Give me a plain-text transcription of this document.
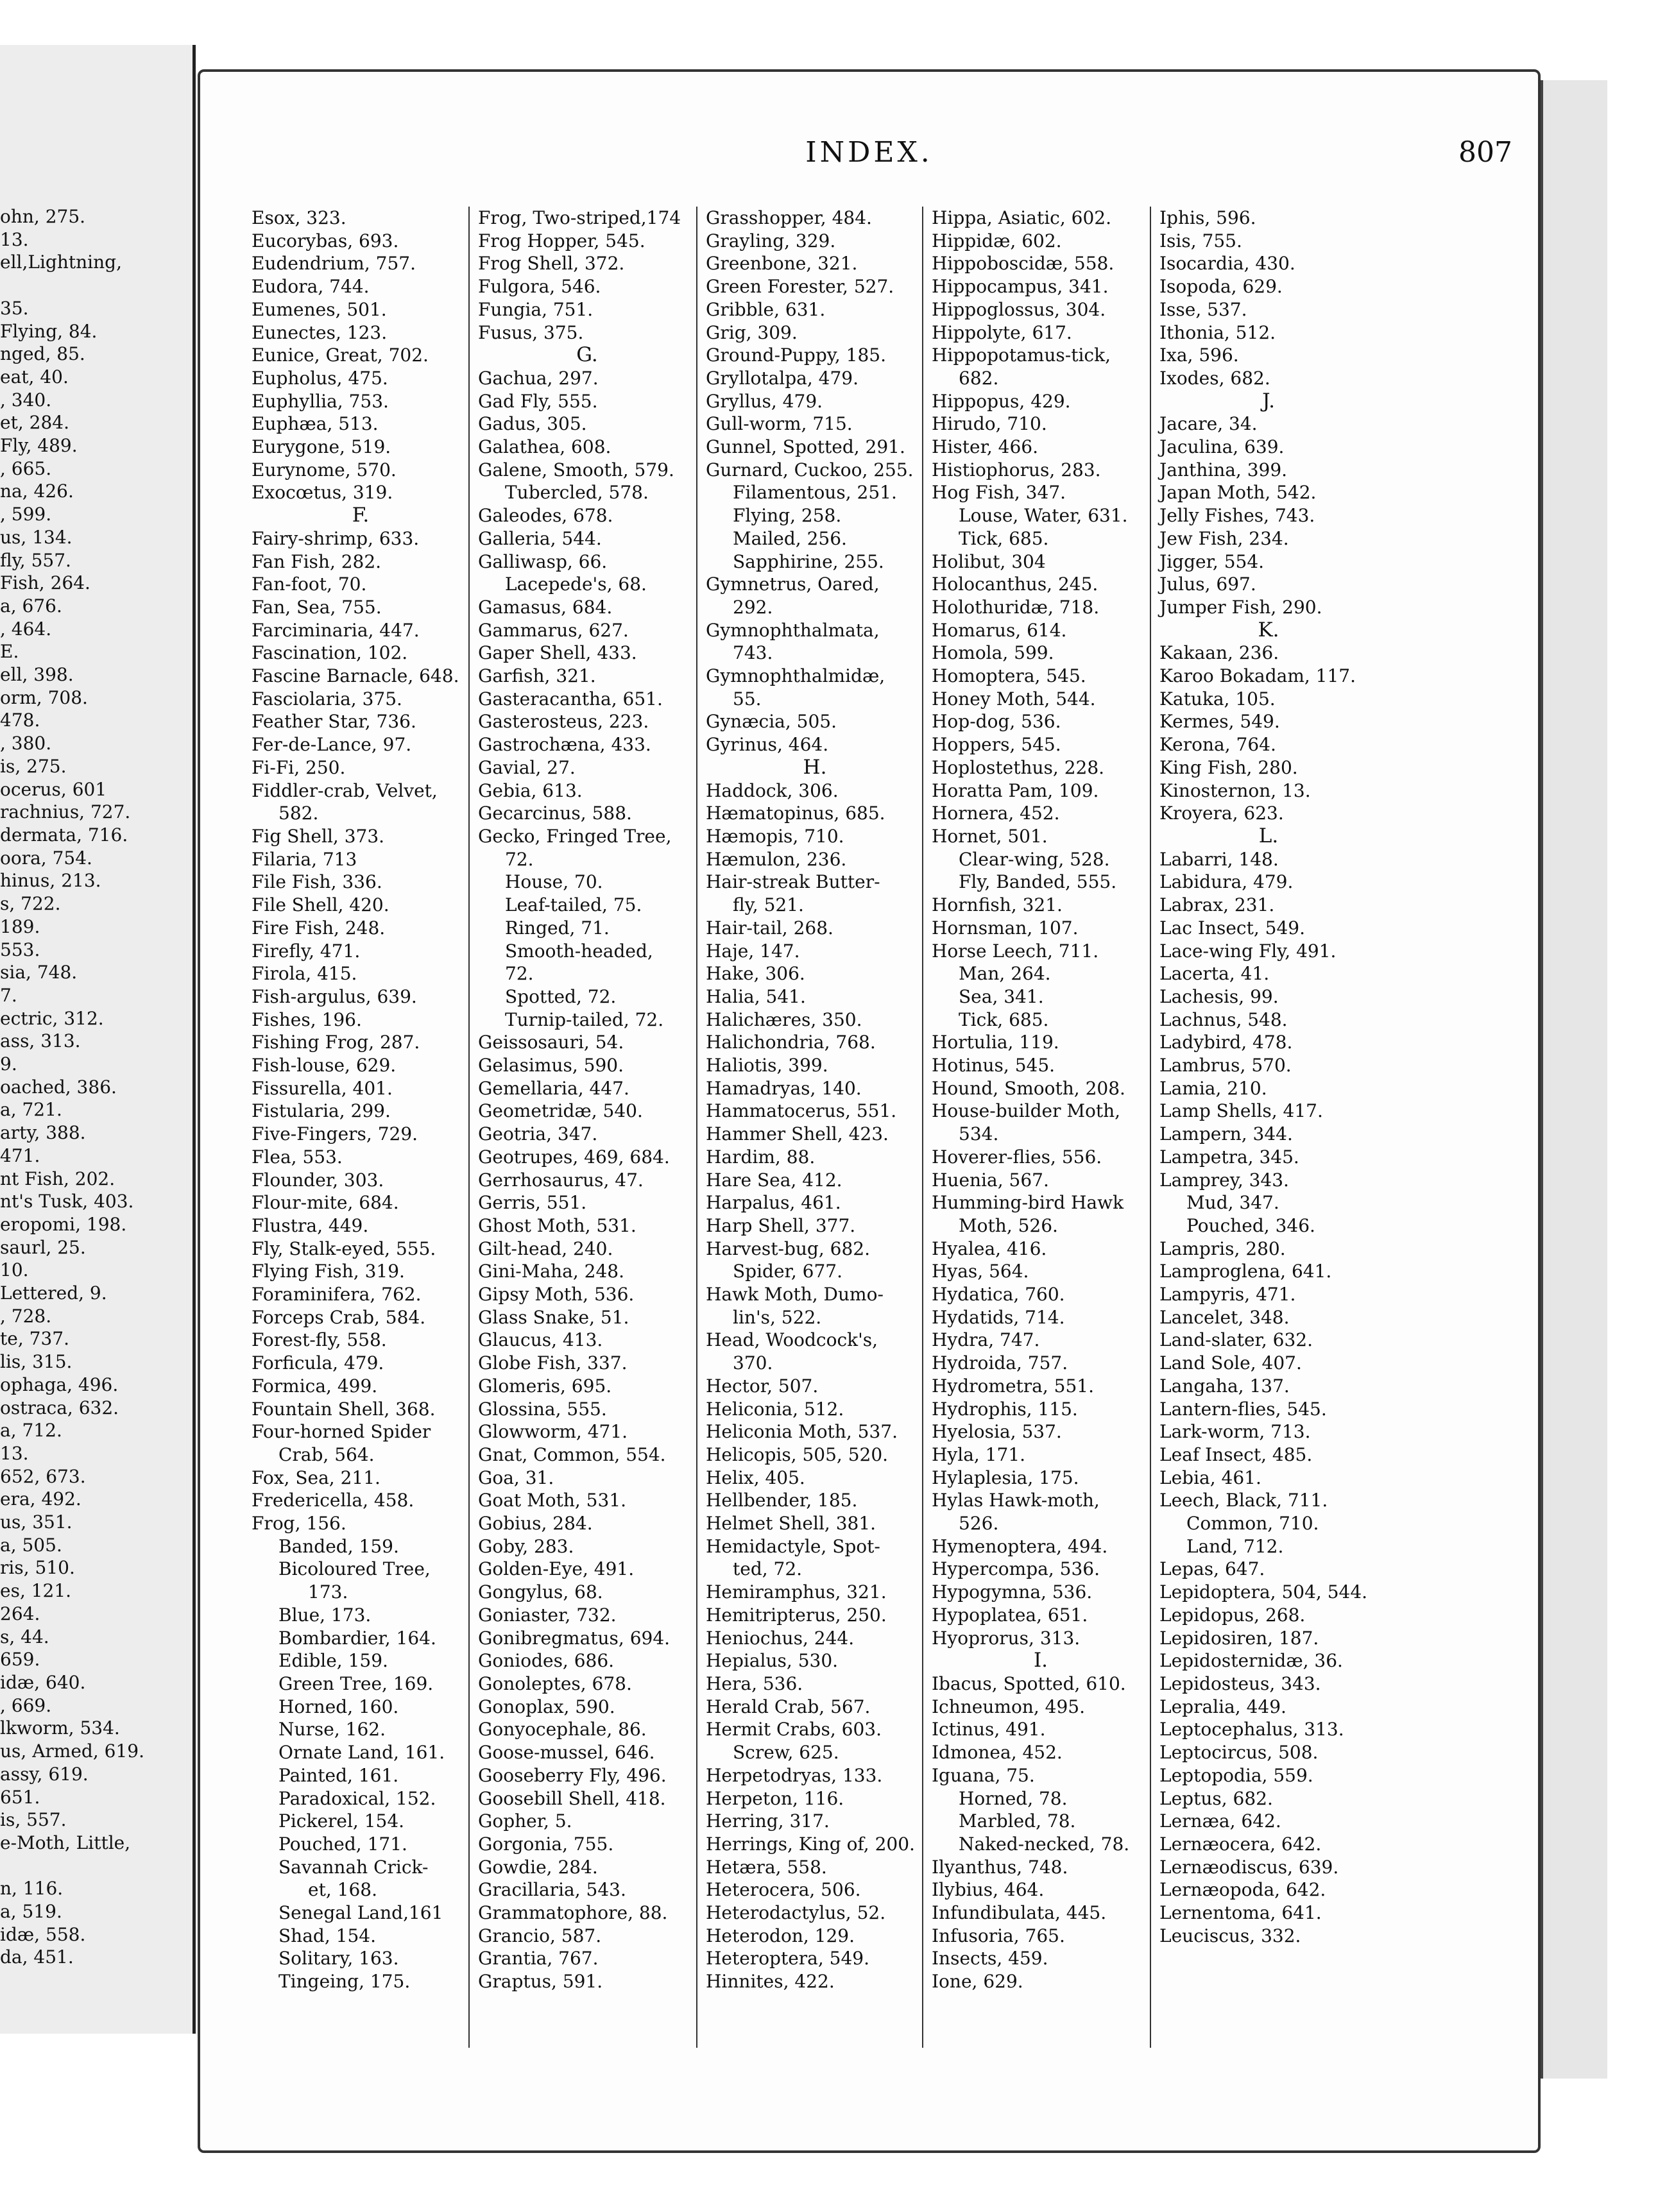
ohn, 275.
13.
ell,Lightning,

35.
Flying, 84.
nged, 85.
eat, 40.
, 340.
et, 284.
Fly, 489.
, 665.
na, 426.
, 599.
us, 134.
fly, 557.
Fish, 264.
a, 676.
, 464.
E.
ell, 398.
orm, 708.
478.
, 380.
is, 275.
ocerus, 601
rachnius, 727.
dermata, 716.
oora, 754.
hinus, 213.
s, 722.
189.
553.
sia, 748.
7.
ectric, 312.
ass, 313.
9.
oached, 386.
a, 721.
arty, 388.
471.
nt Fish, 202.
nt's Tusk, 403.
eropomi, 198.
saurl, 25.
10.
Lettered, 9.
, 728.
te, 737.
lis, 315.
ophaga, 496.
ostraca, 632.
a, 712.
13.
652, 673.
era, 492.
us, 351.
a, 505.
ris, 510.
es, 121.
264.
s, 44.
659.
idæ, 640.
, 669.
lkworm, 534.
us, Armed, 619.
assy, 619.
651.
is, 557.
e-Moth, Little,

n, 116.
a, 519.
idæ, 558.
da, 451.
INDEX.	807
Esox, 323.
Eucorybas, 693.
Eudendrium, 757.
Eudora, 744.
Eumenes, 501.
Eunectes, 123.
Eunice, Great, 702.
Eupholus, 475.
Euphyllia, 753.
Euphæa, 513.
Eurygone, 519.
Eurynome, 570.
Exocœtus, 319.
F.
Fairy-shrimp, 633.
Fan Fish, 282.
Fan-foot, 70.
Fan, Sea, 755.
Farciminaria, 447.
Fascination, 102.
Fascine Barnacle, 648.
Fasciolaria, 375.
Feather Star, 736.
Fer-de-Lance, 97.
Fi-Fi, 250.
Fiddler-crab, Velvet,
582.
Fig Shell, 373.
Filaria, 713
File Fish, 336.
File Shell, 420.
Fire Fish, 248.
Firefly, 471.
Firola, 415.
Fish-argulus, 639.
Fishes, 196.
Fishing Frog, 287.
Fish-louse, 629.
Fissurella, 401.
Fistularia, 299.
Five-Fingers, 729.
Flea, 553.
Flounder, 303.
Flour-mite, 684.
Flustra, 449.
Fly, Stalk-eyed, 555.
Flying Fish, 319.
Foraminifera, 762.
Forceps Crab, 584.
Forest-fly, 558.
Forficula, 479.
Formica, 499.
Fountain Shell, 368.
Four-horned Spider
Crab, 564.
Fox, Sea, 211.
Fredericella, 458.
Frog, 156.
Banded, 159.
Bicoloured Tree,
173.
Blue, 173.
Bombardier, 164.
Edible, 159.
Green Tree, 169.
Horned, 160.
Nurse, 162.
Ornate Land, 161.
Painted, 161.
Paradoxical, 152.
Pickerel, 154.
Pouched, 171.
Savannah Crick-
et, 168.
Senegal Land,161
Shad, 154.
Solitary, 163.
Tingeing, 175.
Frog, Two-striped,174
Frog Hopper, 545.
Frog Shell, 372.
Fulgora, 546.
Fungia, 751.
Fusus, 375.
G.
Gachua, 297.
Gad Fly, 555.
Gadus, 305.
Galathea, 608.
Galene, Smooth, 579.
Tubercled, 578.
Galeodes, 678.
Galleria, 544.
Galliwasp, 66.
Lacepede's, 68.
Gamasus, 684.
Gammarus, 627.
Gaper Shell, 433.
Garfish, 321.
Gasteracantha, 651.
Gasterosteus, 223.
Gastrochæna, 433.
Gavial, 27.
Gebia, 613.
Gecarcinus, 588.
Gecko, Fringed Tree,
72.
House, 70.
Leaf-tailed, 75.
Ringed, 71.
Smooth-headed,
72.
Spotted, 72.
Turnip-tailed, 72.
Geissosauri, 54.
Gelasimus, 590.
Gemellaria, 447.
Geometridæ, 540.
Geotria, 347.
Geotrupes, 469, 684.
Gerrhosaurus, 47.
Gerris, 551.
Ghost Moth, 531.
Gilt-head, 240.
Gini-Maha, 248.
Gipsy Moth, 536.
Glass Snake, 51.
Glaucus, 413.
Globe Fish, 337.
Glomeris, 695.
Glossina, 555.
Glowworm, 471.
Gnat, Common, 554.
Goa, 31.
Goat Moth, 531.
Gobius, 284.
Goby, 283.
Golden-Eye, 491.
Gongylus, 68.
Goniaster, 732.
Gonibregmatus, 694.
Goniodes, 686.
Gonoleptes, 678.
Gonoplax, 590.
Gonyocephale, 86.
Goose-mussel, 646.
Gooseberry Fly, 496.
Goosebill Shell, 418.
Gopher, 5.
Gorgonia, 755.
Gowdie, 284.
Gracillaria, 543.
Grammatophore, 88.
Grancio, 587.
Grantia, 767.
Graptus, 591.
Grasshopper, 484.
Grayling, 329.
Greenbone, 321.
Green Forester, 527.
Gribble, 631.
Grig, 309.
Ground-Puppy, 185.
Gryllotalpa, 479.
Gryllus, 479.
Gull-worm, 715.
Gunnel, Spotted, 291.
Gurnard, Cuckoo, 255.
Filamentous, 251.
Flying, 258.
Mailed, 256.
Sapphirine, 255.
Gymnetrus, Oared,
292.
Gymnophthalmata,
743.
Gymnophthalmidæ,
55.
Gynæcia, 505.
Gyrinus, 464.
H.
Haddock, 306.
Hæmatopinus, 685.
Hæmopis, 710.
Hæmulon, 236.
Hair-streak Butter-
fly, 521.
Hair-tail, 268.
Haje, 147.
Hake, 306.
Halia, 541.
Halichæres, 350.
Halichondria, 768.
Haliotis, 399.
Hamadryas, 140.
Hammatocerus, 551.
Hammer Shell, 423.
Hardim, 88.
Hare Sea, 412.
Harpalus, 461.
Harp Shell, 377.
Harvest-bug, 682.
Spider, 677.
Hawk Moth, Dumo-
lin's, 522.
Head, Woodcock's,
370.
Hector, 507.
Heliconia, 512.
Heliconia Moth, 537.
Helicopis, 505, 520.
Helix, 405.
Hellbender, 185.
Helmet Shell, 381.
Hemidactyle, Spot-
ted, 72.
Hemiramphus, 321.
Hemitripterus, 250.
Heniochus, 244.
Hepialus, 530.
Hera, 536.
Herald Crab, 567.
Hermit Crabs, 603.
Screw, 625.
Herpetodryas, 133.
Herpeton, 116.
Herring, 317.
Herrings, King of, 200.
Hetæra, 558.
Heterocera, 506.
Heterodactylus, 52.
Heterodon, 129.
Heteroptera, 549.
Hinnites, 422.
Hippa, Asiatic, 602.
Hippidæ, 602.
Hippoboscidæ, 558.
Hippocampus, 341.
Hippoglossus, 304.
Hippolyte, 617.
Hippopotamus-tick,
682.
Hippopus, 429.
Hirudo, 710.
Hister, 466.
Histiophorus, 283.
Hog Fish, 347.
Louse, Water, 631.
Tick, 685.
Holibut, 304
Holocanthus, 245.
Holothuridæ, 718.
Homarus, 614.
Homola, 599.
Homoptera, 545.
Honey Moth, 544.
Hop-dog, 536.
Hoppers, 545.
Hoplostethus, 228.
Horatta Pam, 109.
Hornera, 452.
Hornet, 501.
Clear-wing, 528.
Fly, Banded, 555.
Hornfish, 321.
Hornsman, 107.
Horse Leech, 711.
Man, 264.
Sea, 341.
Tick, 685.
Hortulia, 119.
Hotinus, 545.
Hound, Smooth, 208.
House-builder Moth,
534.
Hoverer-flies, 556.
Huenia, 567.
Humming-bird Hawk
Moth, 526.
Hyalea, 416.
Hyas, 564.
Hydatica, 760.
Hydatids, 714.
Hydra, 747.
Hydroida, 757.
Hydrometra, 551.
Hydrophis, 115.
Hyelosia, 537.
Hyla, 171.
Hylaplesia, 175.
Hylas Hawk-moth,
526.
Hymenoptera, 494.
Hypercompa, 536.
Hypogymna, 536.
Hypoplatea, 651.
Hyoprorus, 313.
I.
Ibacus, Spotted, 610.
Ichneumon, 495.
Ictinus, 491.
Idmonea, 452.
Iguana, 75.
Horned, 78.
Marbled, 78.
Naked-necked, 78.
Ilyanthus, 748.
Ilybius, 464.
Infundibulata, 445.
Infusoria, 765.
Insects, 459.
Ione, 629.
Iphis, 596.
Isis, 755.
Isocardia, 430.
Isopoda, 629.
Isse, 537.
Ithonia, 512.
Ixa, 596.
Ixodes, 682.
J.
Jacare, 34.
Jaculina, 639.
Janthina, 399.
Japan Moth, 542.
Jelly Fishes, 743.
Jew Fish, 234.
Jigger, 554.
Julus, 697.
Jumper Fish, 290.
K.
Kakaan, 236.
Karoo Bokadam, 117.
Katuka, 105.
Kermes, 549.
Kerona, 764.
King Fish, 280.
Kinosternon, 13.
Kroyera, 623.
L.
Labarri, 148.
Labidura, 479.
Labrax, 231.
Lac Insect, 549.
Lace-wing Fly, 491.
Lacerta, 41.
Lachesis, 99.
Lachnus, 548.
Ladybird, 478.
Lambrus, 570.
Lamia, 210.
Lamp Shells, 417.
Lampern, 344.
Lampetra, 345.
Lamprey, 343.
Mud, 347.
Pouched, 346.
Lampris, 280.
Lamproglena, 641.
Lampyris, 471.
Lancelet, 348.
Land-slater, 632.
Land Sole, 407.
Langaha, 137.
Lantern-flies, 545.
Lark-worm, 713.
Leaf Insect, 485.
Lebia, 461.
Leech, Black, 711.
Common, 710.
Land, 712.
Lepas, 647.
Lepidoptera, 504, 544.
Lepidopus, 268.
Lepidosiren, 187.
Lepidosternidæ, 36.
Lepidosteus, 343.
Lepralia, 449.
Leptocephalus, 313.
Leptocircus, 508.
Leptopodia, 559.
Leptus, 682.
Lernæa, 642.
Lernæocera, 642.
Lernæodiscus, 639.
Lernæopoda, 642.
Lernentoma, 641.
Leuciscus, 332.
